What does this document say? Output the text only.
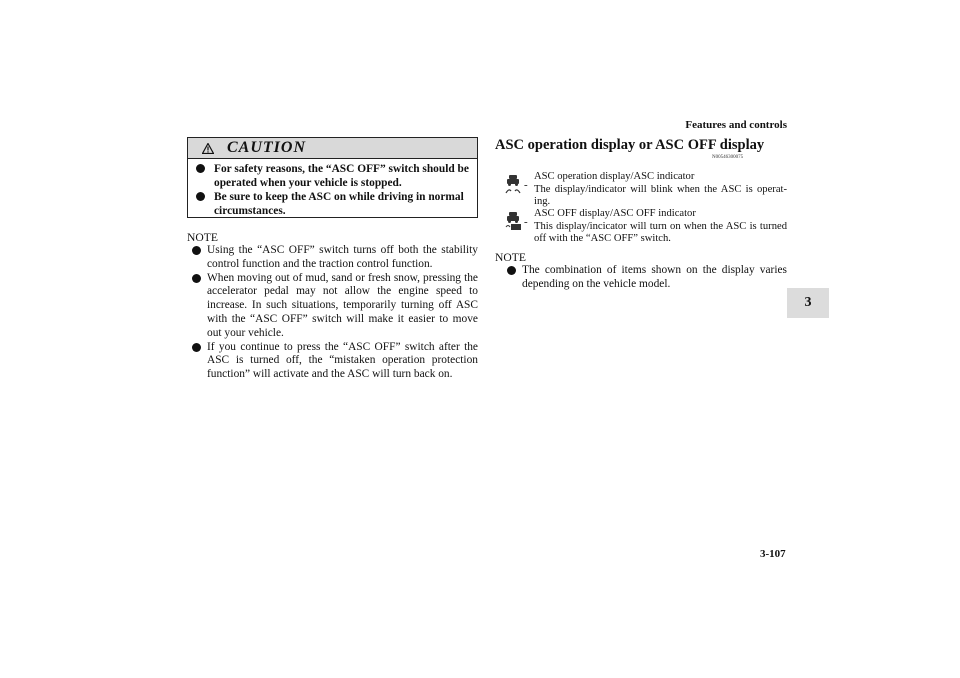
Features and controls
3
CAUTION
For safety reasons, the “ASC OFF” switch should be operated when your vehicle is stopped.
Be sure to keep the ASC on while driving in normal circumstances.
NOTE
Using the “ASC OFF” switch turns off both the stability control function and the traction control function.
When moving out of mud, sand or fresh snow, pressing the accelerator pedal may not allow the engine speed to increase. In such situations, temporarily turning off ASC with the “ASC OFF” switch will make it easier to move out your vehicle.
If you continue to press the “ASC OFF” switch after the ASC is turned off, the “mistaken operation protection function” will activate and the ASC will turn back on.
ASC operation display or ASC OFF display
N00546300075
-
ASC operation display/ASC indicator
The display/indicator will blink when the ASC is operat-ing.
-
ASC OFF display/ASC OFF indicator
This display/incicator will turn on when the ASC is turned off with the “ASC OFF” switch.
NOTE
The combination of items shown on the display varies depending on the vehicle model.
3-107
